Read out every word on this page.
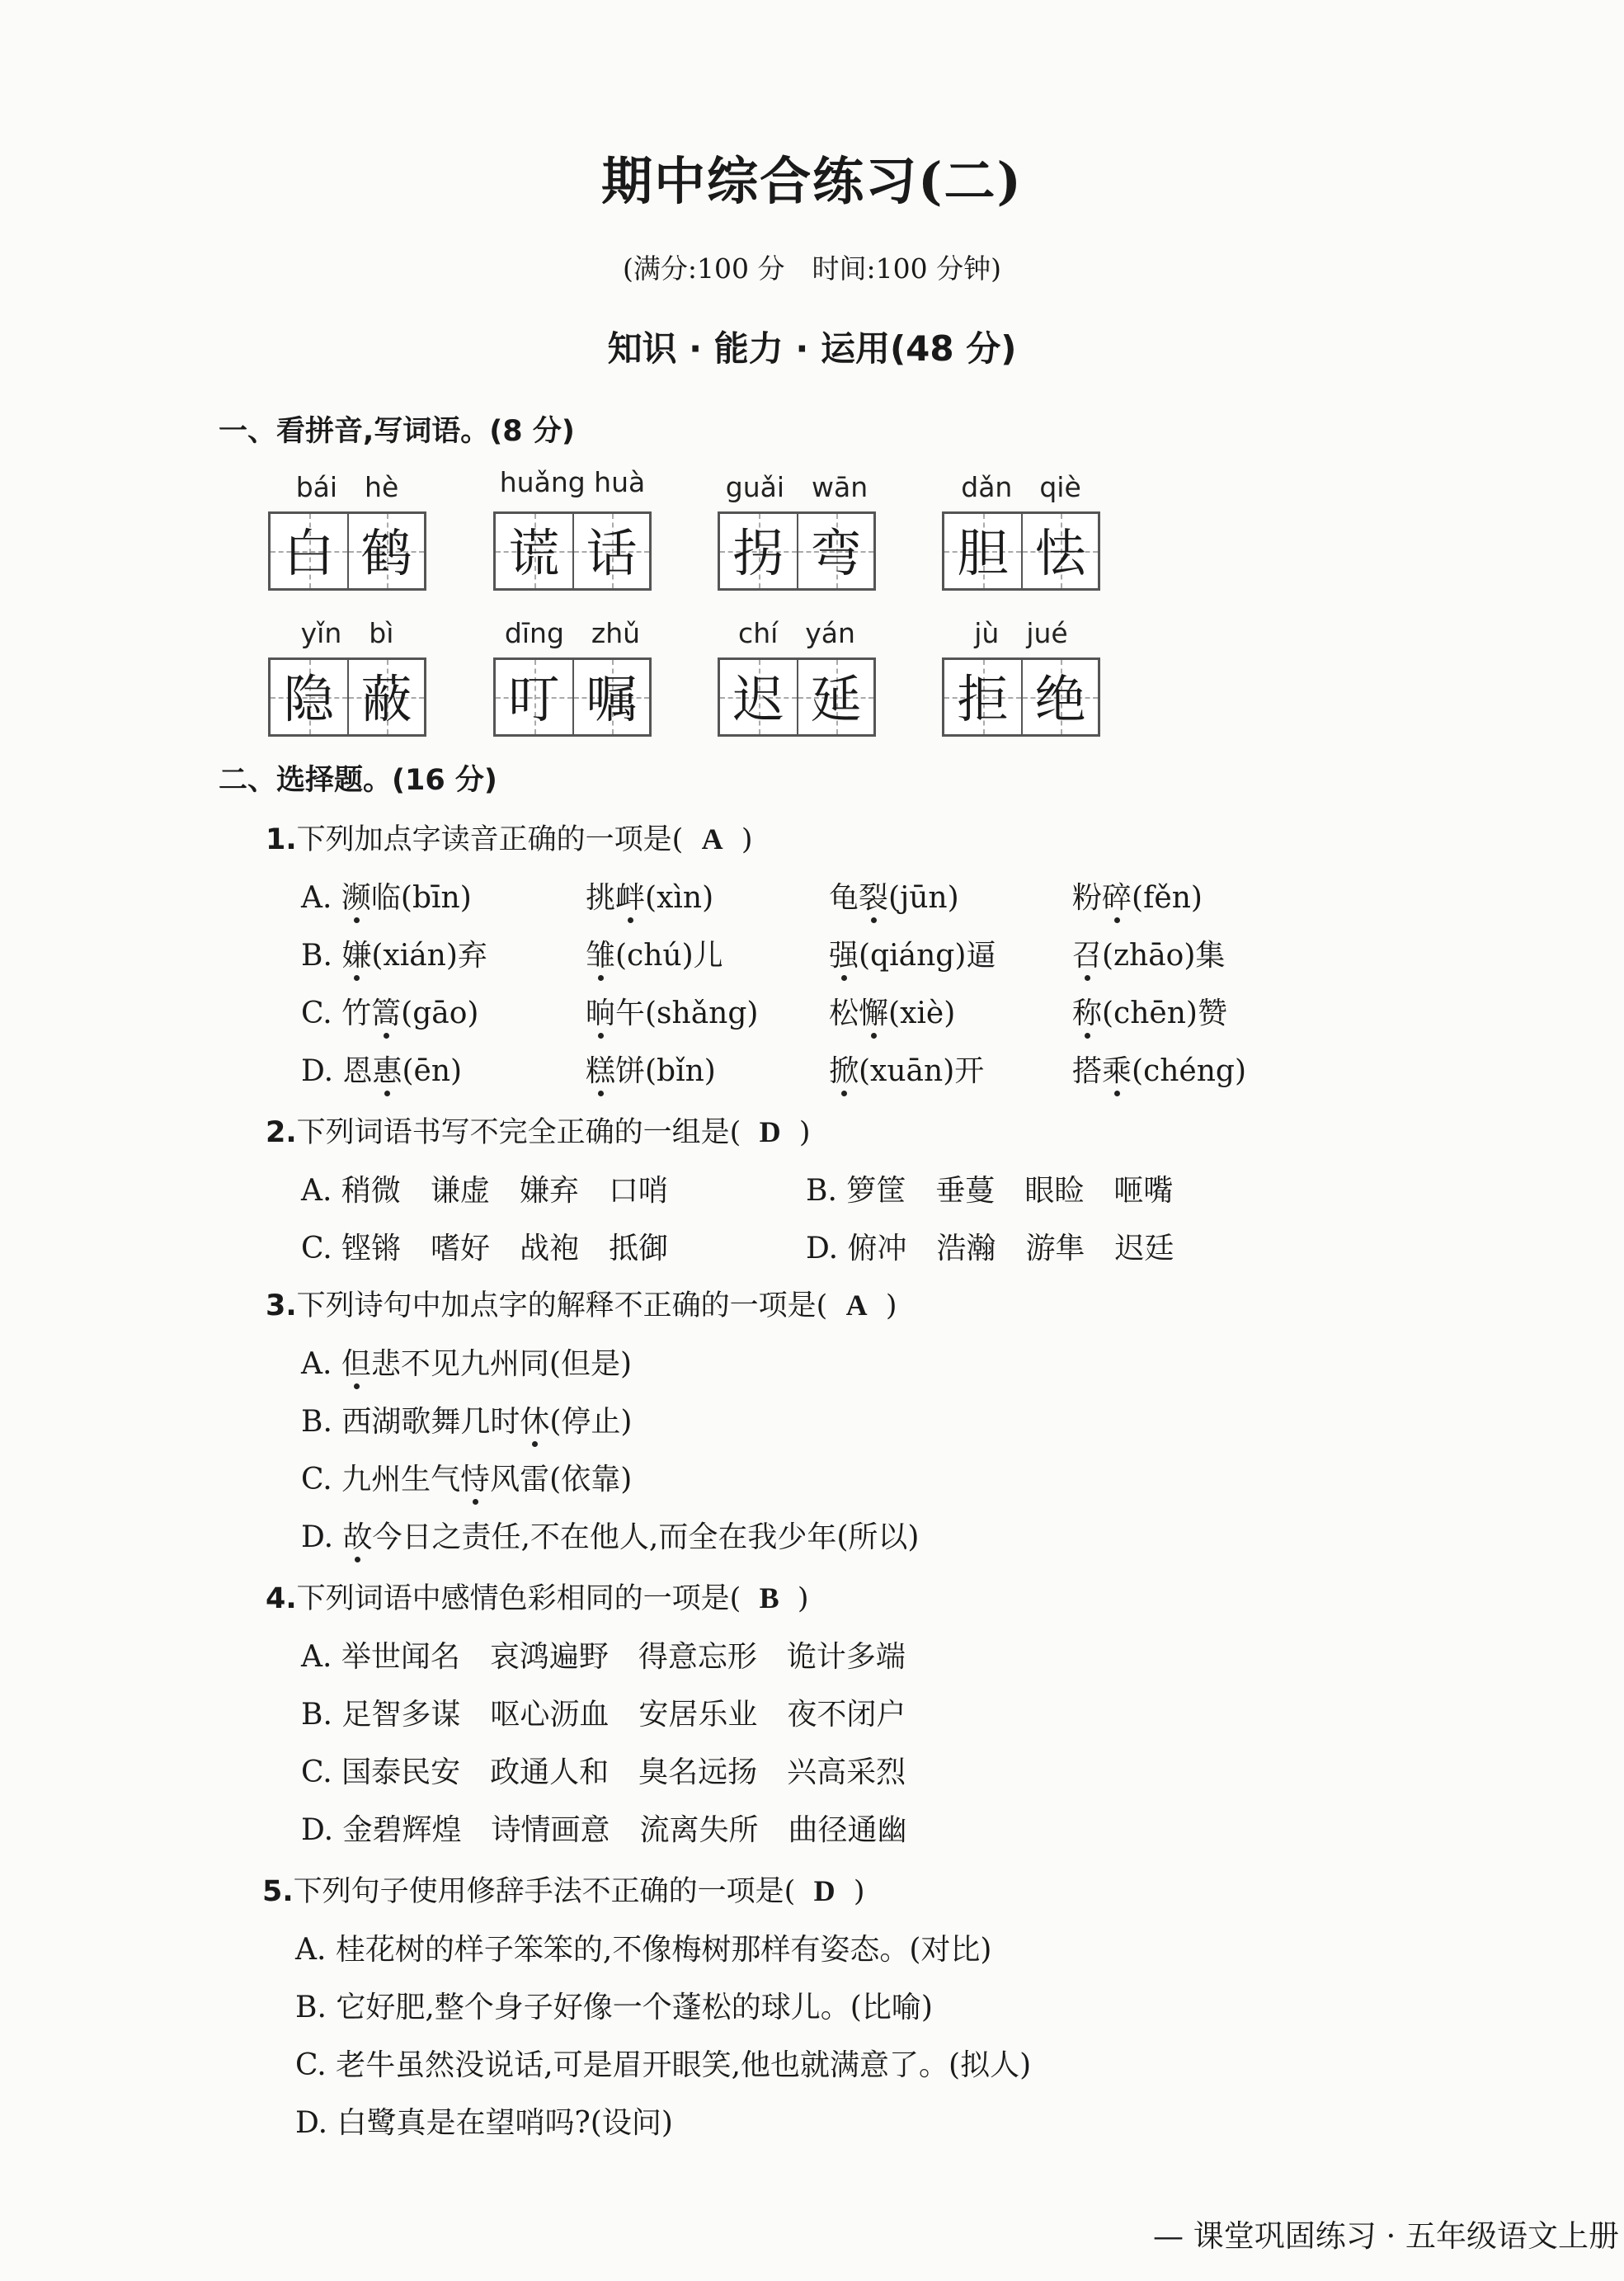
期中综合练习(二)
(满分:100 分　时间:100 分钟)
知识 · 能力 · 运用(48 分)
一、看拼音,写词语。(8 分)
bái　hè
白 鹤
huǎng huà
谎 话
guǎi　wān
拐 弯
dǎn　qiè
胆 怯
yǐn　bì
隐 蔽
dīng　zhǔ
叮 嘱
chí　yán
迟 延
jù　jué
拒 绝
二、选择题。(16 分)
1.下列加点字读音正确的一项是( A )
A. 濒临(bīn)	挑衅(xìn)	龟裂(jūn)	粉碎(fěn)
B. 嫌(xián)弃	雏(chú)儿	强(qiáng)逼	召(zhāo)集
C. 竹篙(gāo)	晌午(shǎng) 松懈(xiè)	称(chēn)赞
D. 恩惠(ēn)	糕饼(bǐn)	掀(xuān)开	搭乘(chéng)
2.下列词语书写不完全正确的一组是( D )
A. 稍微　谦虚　嫌弃　口哨	B. 箩筐　垂蔓　眼睑　咂嘴
C. 铿锵　嗜好　战袍　抵御	D. 俯冲　浩瀚　游隼　迟廷
3.下列诗句中加点字的解释不正确的一项是( A )
A. 但悲不见九州同(但是)
B. 西湖歌舞几时休(停止)
C. 九州生气恃风雷(依靠)
D. 故今日之责任,不在他人,而全在我少年(所以)
4.下列词语中感情色彩相同的一项是( B )
A. 举世闻名　哀鸿遍野　得意忘形　诡计多端
B. 足智多谋　呕心沥血　安居乐业　夜不闭户
C. 国泰民安　政通人和　臭名远扬　兴高采烈
D. 金碧辉煌　诗情画意　流离失所　曲径通幽
5.下列句子使用修辞手法不正确的一项是( D )
A. 桂花树的样子笨笨的,不像梅树那样有姿态。(对比)
B. 它好肥,整个身子好像一个蓬松的球儿。(比喻)
C. 老牛虽然没说话,可是眉开眼笑,他也就满意了。(拟人)
D. 白鹭真是在望哨吗?(设问)
— 课堂巩固练习 · 五年级语文上册
